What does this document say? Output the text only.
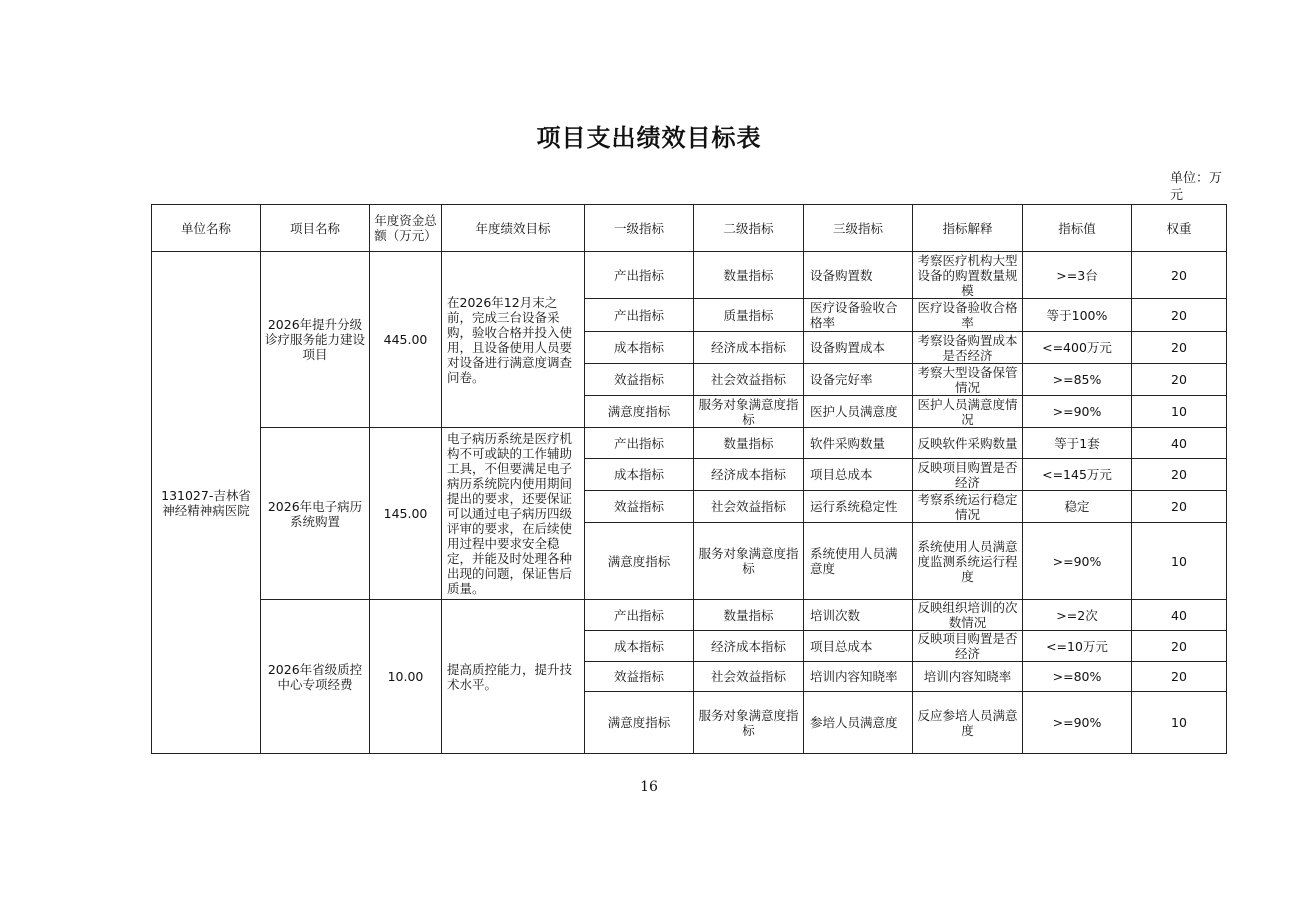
项目支出绩效目标表
单位：万元
单位名称	项目名称	年度资金总额（万元）	年度绩效目标	一级指标	二级指标	三级指标	指标解释	指标值	权重
131027-吉林省神经精神病医院	2026年提升分级诊疗服务能力建设项目	445.00	在2026年12月末之前，完成三台设备采购，验收合格并投入使用，且设备使用人员要对设备进行满意度调查问卷。	产出指标	数量指标	设备购置数	考察医疗机构大型设备的购置数量规模	>=3台	20
				产出指标	质量指标	医疗设备验收合格率	医疗设备验收合格率	等于100%	20
				成本指标	经济成本指标	设备购置成本	考察设备购置成本是否经济	<=400万元	20
				效益指标	社会效益指标	设备完好率	考察大型设备保管情况	>=85%	20
				满意度指标	服务对象满意度指标	医护人员满意度	医护人员满意度情况	>=90%	10
	2026年电子病历系统购置	145.00	电子病历系统是医疗机构不可或缺的工作辅助工具，不但要满足电子病历系统院内使用期间提出的要求，还要保证可以通过电子病历四级评审的要求，在后续使用过程中要求安全稳定，并能及时处理各种出现的问题，保证售后质量。	产出指标	数量指标	软件采购数量	反映软件采购数量	等于1套	40
				成本指标	经济成本指标	项目总成本	反映项目购置是否经济	<=145万元	20
				效益指标	社会效益指标	运行系统稳定性	考察系统运行稳定情况	稳定	20
				满意度指标	服务对象满意度指标	系统使用人员满意度	系统使用人员满意度监测系统运行程度	>=90%	10
	2026年省级质控中心专项经费	10.00	提高质控能力，提升技术水平。	产出指标	数量指标	培训次数	反映组织培训的次数情况	>=2次	40
				成本指标	经济成本指标	项目总成本	反映项目购置是否经济	<=10万元	20
				效益指标	社会效益指标	培训内容知晓率	培训内容知晓率	>=80%	20
				满意度指标	服务对象满意度指标	参培人员满意度	反应参培人员满意度	>=90%	10
16
